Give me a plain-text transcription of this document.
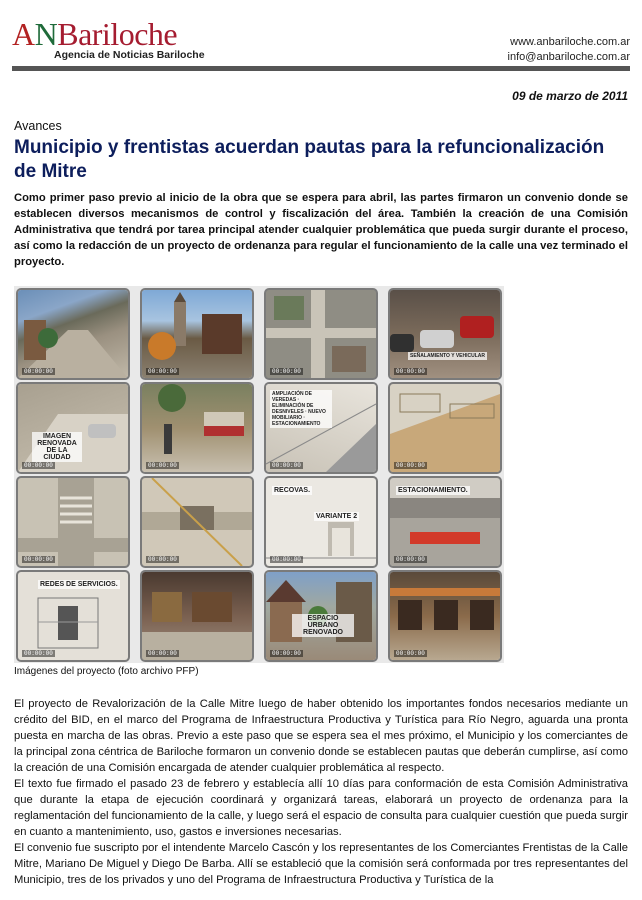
ANBariloche
Agencia de Noticias Bariloche
www.anbariloche.com.ar
info@anbariloche.com.ar
09 de marzo de 2011
Avances
Municipio y frentistas acuerdan pautas para la refuncionalización de Mitre
Como primer paso previo al inicio de la obra que se espera para abril, las partes firmaron un convenio donde se establecen diversos mecanismos de control y fiscalización del área. También la creación de una Comisión Administrativa que tendrá por tarea principal atender cualquier problemática que pueda surgir durante el proceso, así como la redacción de un proyecto de ordenanza para regular el funcionamiento de la calle una vez terminado el proyecto.
00:00:00	00:00:00	00:00:00
SEÑALAMIENTO Y VEHICULAR
00:00:00
IMAGEN RENOVADA DE LA CIUDAD
00:00:00	00:00:00
AMPLIACIÓN DE VEREDAS · ELIMINACIÓN DE DESNIVELES · NUEVO MOBILIARIO · ESTACIONAMIENTO
00:00:00	00:00:00
00:00:00	00:00:00
RECOVAS.
VARIANTE 2
00:00:00
ESTACIONAMIENTO.
00:00:00
REDES DE SERVICIOS.
00:00:00	00:00:00
ESPACIO URBANO RENOVADO
00:00:00	00:00:00
Imágenes del proyecto (foto archivo PFP)

El proyecto de Revalorización de la Calle Mitre luego de haber obtenido los importantes fondos necesarios mediante un crédito del BID, en el marco del Programa de Infraestructura Productiva y Turística para Río Negro, aguarda una pronta puesta en marcha de las obras. Previo a este paso que se espera sea el mes próximo, el Municipio y los comerciantes de la principal zona céntrica de Bariloche formaron un convenio donde se establecen pautas que deberán cumplirse, así como la creación de una Comisión encargada de atender cualquier problemática al respecto.

El texto fue firmado el pasado 23 de febrero y establecía allí 10 días para conformación de esta Comisión Administrativa que durante la etapa de ejecución coordinará y organizará tareas, elaborará un proyecto de ordenanza para la reglamentación del funcionamiento de la calle, y luego será el espacio de consulta para cualquier cuestión que pueda surgir en cuanto a mantenimiento, uso, gastos e inversiones necesarias.

El convenio fue suscripto por el intendente Marcelo Cascón y los representantes de los Comerciantes Frentistas de la Calle Mitre, Mariano De Miguel y Diego De Barba. Allí se estableció que la comisión será conformada por tres representantes del Municipio, tres de los privados y uno del Programa de Infraestructura Productiva y Turística de la
